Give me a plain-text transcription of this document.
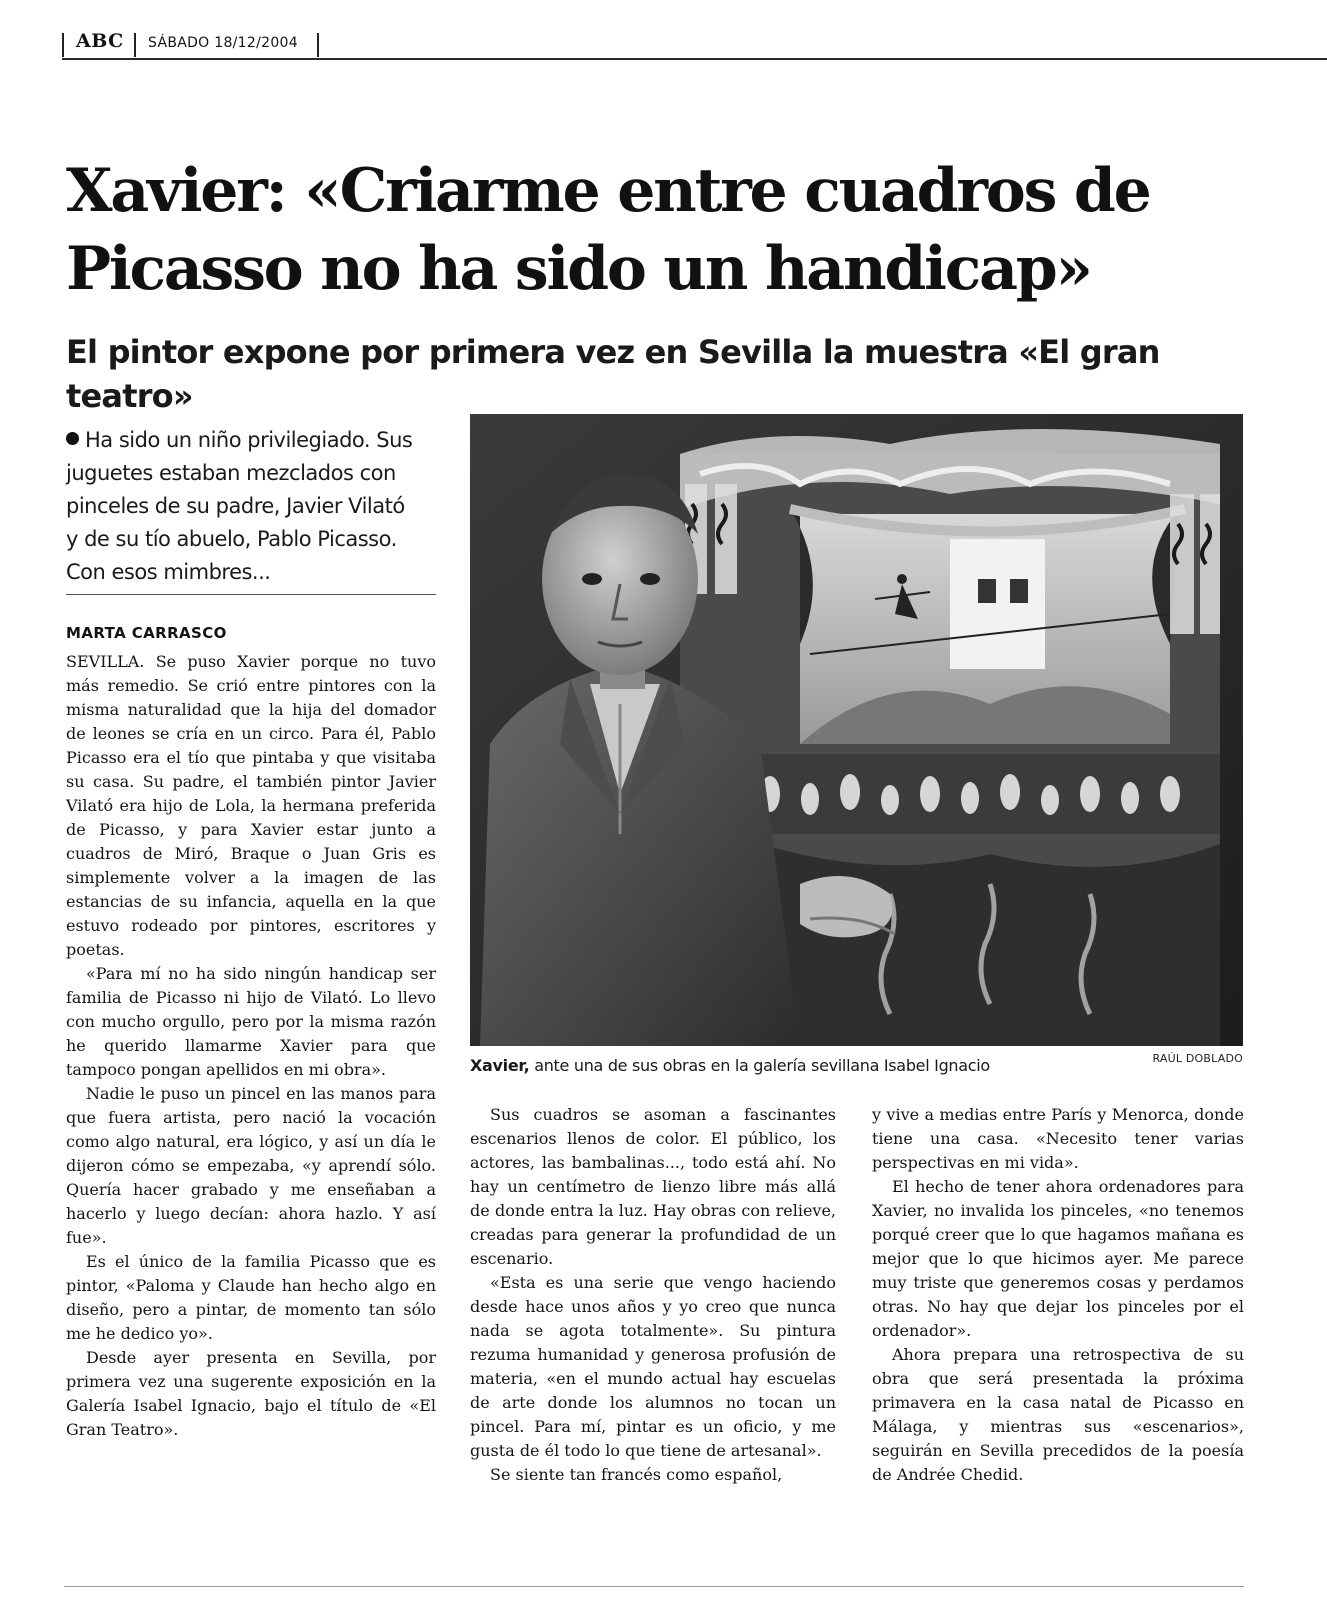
ABC SÁBADO 18/12/2004
Xavier: «Criarme entre cuadros de
Picasso no ha sido un handicap»
El pintor expone por primera vez en Sevilla la muestra «El gran teatro»
Ha sido un niño privilegiado. Sus
juguetes estaban mezclados con
pinceles de su padre, Javier Vilató
y de su tío abuelo, Pablo Picasso.
Con esos mimbres...
MARTA CARRASCO

SEVILLA. Se puso Xavier porque no tuvo más remedio. Se crió entre pintores con la misma naturalidad que la hija del domador de leones se cría en un circo. Para él, Pablo Picasso era el tío que pintaba y que visitaba su casa. Su padre, el también pintor Javier Vilató era hijo de Lola, la hermana preferida de Picasso, y para Xavier estar junto a cuadros de Miró, Braque o Juan Gris es simplemente volver a la imagen de las estancias de su infancia, aquella en la que estuvo rodeado por pintores, escritores y poetas.

«Para mí no ha sido ningún handicap ser familia de Picasso ni hijo de Vilató. Lo llevo con mucho orgullo, pero por la misma razón he querido llamarme Xavier para que tampoco pongan apellidos en mi obra».

Nadie le puso un pincel en las manos para que fuera artista, pero nació la vocación como algo natural, era lógico, y así un día le dijeron cómo se empezaba, «y aprendí sólo. Quería hacer grabado y me enseñaban a hacerlo y luego decían: ahora hazlo. Y así fue».

Es el único de la familia Picasso que es pintor, «Paloma y Claude han hecho algo en diseño, pero a pintar, de momento tan sólo me he dedico yo».

Desde ayer presenta en Sevilla, por primera vez una sugerente exposición en la Galería Isabel Ignacio, bajo el título de «El Gran Teatro».

Sus cuadros se asoman a fascinantes escenarios llenos de color. El público, los actores, las bambalinas..., todo está ahí. No hay un centímetro de lienzo libre más allá de donde entra la luz. Hay obras con relieve, creadas para generar la profundidad de un escenario.

«Esta es una serie que vengo haciendo desde hace unos años y yo creo que nunca nada se agota totalmente». Su pintura rezuma humanidad y generosa profusión de materia, «en el mundo actual hay escuelas de arte donde los alumnos no tocan un pincel. Para mí, pintar es un oficio, y me gusta de él todo lo que tiene de artesanal».

Se siente tan francés como español,

y vive a medias entre París y Menorca, donde tiene una casa. «Necesito tener varias perspectivas en mi vida».

El hecho de tener ahora ordenadores para Xavier, no invalida los pinceles, «no tenemos porqué creer que lo que hagamos mañana es mejor que lo que hicimos ayer. Me parece muy triste que generemos cosas y perdamos otras. No hay que dejar los pinceles por el ordenador».

Ahora prepara una retrospectiva de su obra que será presentada la próxima primavera en la casa natal de Picasso en Málaga, y mientras sus «escenarios», seguirán en Sevilla precedidos de la poesía de Andrée Chedid.

Xavier, ante una de sus obras en la galería sevillana Isabel Ignacio	RAÚL DOBLADO
